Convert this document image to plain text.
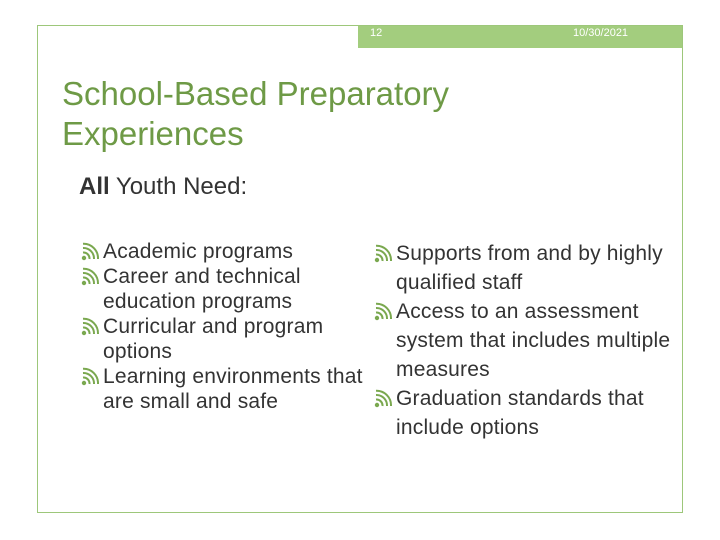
12	10/30/2021
School-Based Preparatory Experiences
All Youth Need:
Academic programs
Career and technical education programs
Curricular and program options
Learning environments that are small and safe
Supports from and by highly qualified staff
Access to an assessment system that includes multiple measures
Graduation standards that include options
